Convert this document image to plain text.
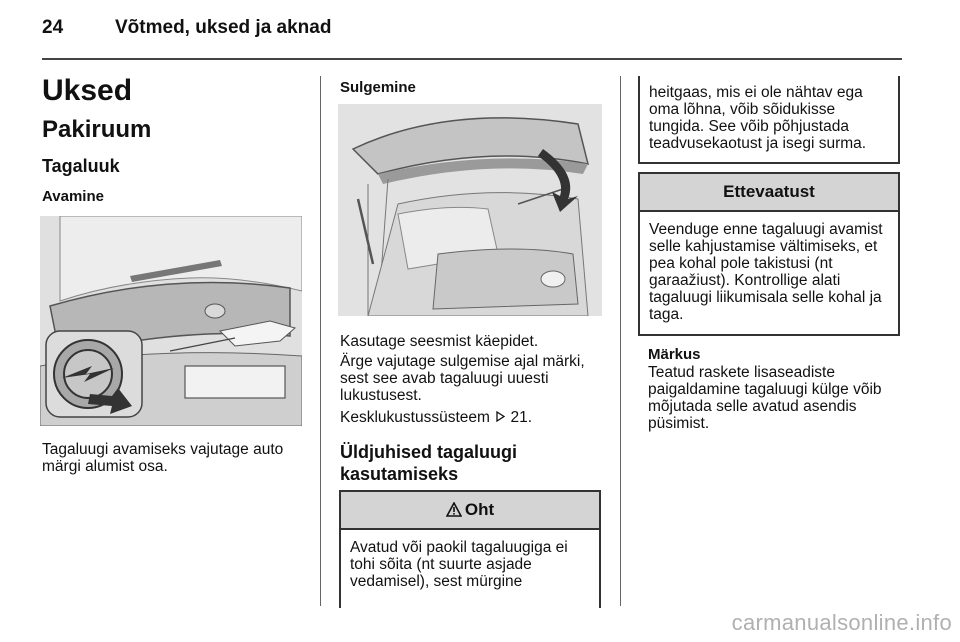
24	Võtmed, uksed ja aknad
Uksed
Pakiruum
Tagaluuk
Avamine
Tagaluugi avamiseks vajutage auto
märgi alumist osa.
Sulgemine
Kasutage seesmist käepidet.
Ärge vajutage sulgemise ajal märki,
sest see avab tagaluugi uuesti
lukustusest.
Kesklukustussüsteem 21.
Üldjuhised tagaluugi
kasutamiseks
Oht
Avatud või paokil tagaluugiga ei
tohi sõita (nt suurte asjade
vedamisel), sest mürgine
heitgaas, mis ei ole nähtav ega
oma lõhna, võib sõidukisse
tungida. See võib põhjustada
teadvusekaotust ja isegi surma.
Ettevaatust
Veenduge enne tagaluugi avamist
selle kahjustamise vältimiseks, et
pea kohal pole takistusi (nt
garaažiust). Kontrollige alati
tagaluugi liikumisala selle kohal ja
taga.
Märkus
Teatud raskete lisaseadiste
paigaldamine tagaluugi külge võib
mõjutada selle avatud asendis
püsimist.
carmanualsonline.info
